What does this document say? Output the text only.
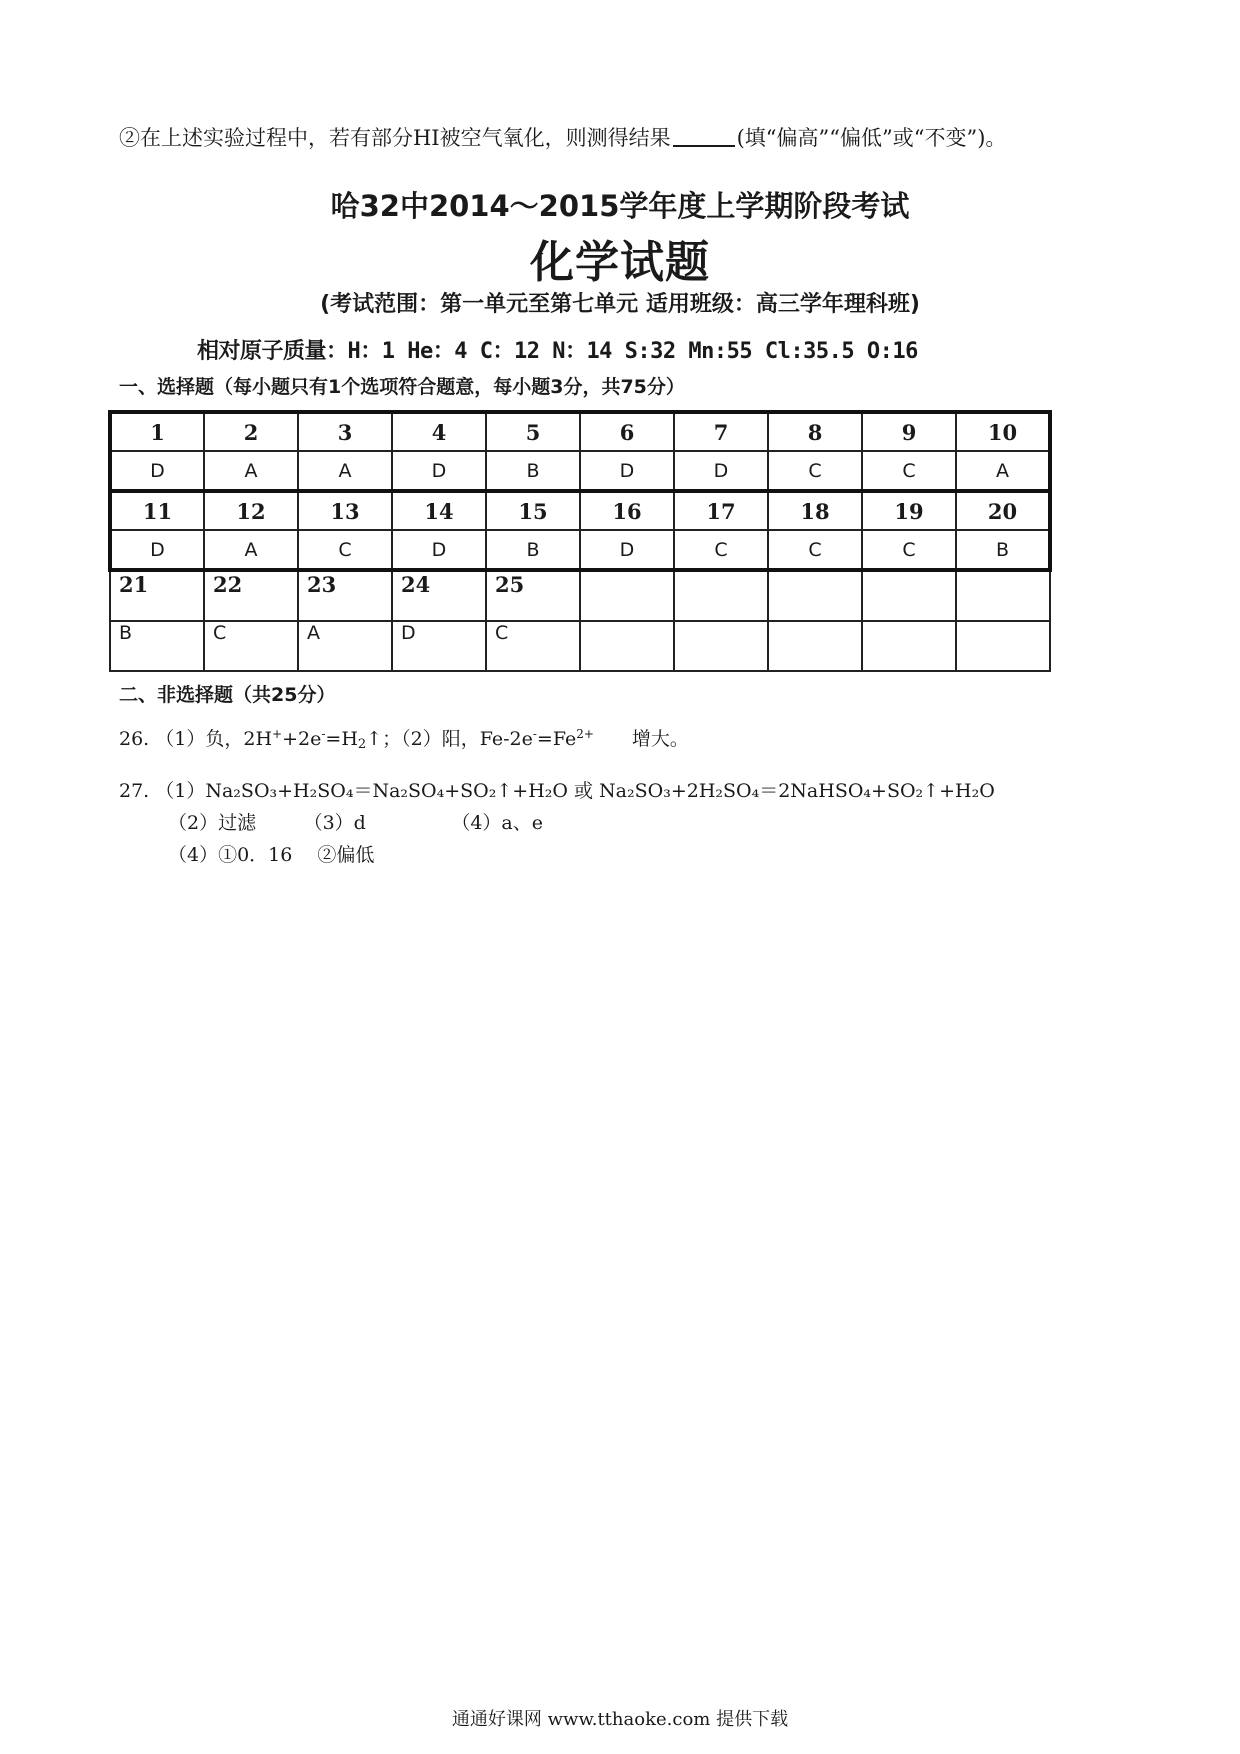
②在上述实验过程中，若有部分HI被空气氧化，则测得结果	(填“偏高”“偏低”或“不变”)。
哈32中2014～2015学年度上学期阶段考试
化学试题
(考试范围：第一单元至第七单元 适用班级：高三学年理科班)
相对原子质量：H：1 He：4 C：12 N：14 S:32 Mn:55 Cl:35.5 O:16
一、选择题（每小题只有1个选项符合题意，每小题3分，共75分）
1	2	3	4	5	6	7	8	9	10
D	A	A	D	B	D	D	C	C	A
11	12	13	14	15	16	17	18	19	20
D	A	C	D	B	D	C	C	C	B
21	22	23	24	25					
B	C	A	D	C					
二、非选择题（共25分）
26. （1）负，$2H^++2e^-=H_2↑$；（2）阳，$Fe-2e^-=Fe^{2+}$　　增大。
27. （1）Na₂SO₃+H₂SO₄＝Na₂SO₄+SO₂↑+H₂O 或 Na₂SO₃+2H₂SO₄＝2NaHSO₄+SO₂↑+H₂O
（2）过滤　　　（3）d　　　　　（4）a、e
（4）①0．16　 ②偏低
通通好课网 www.tthaoke.com 提供下载
